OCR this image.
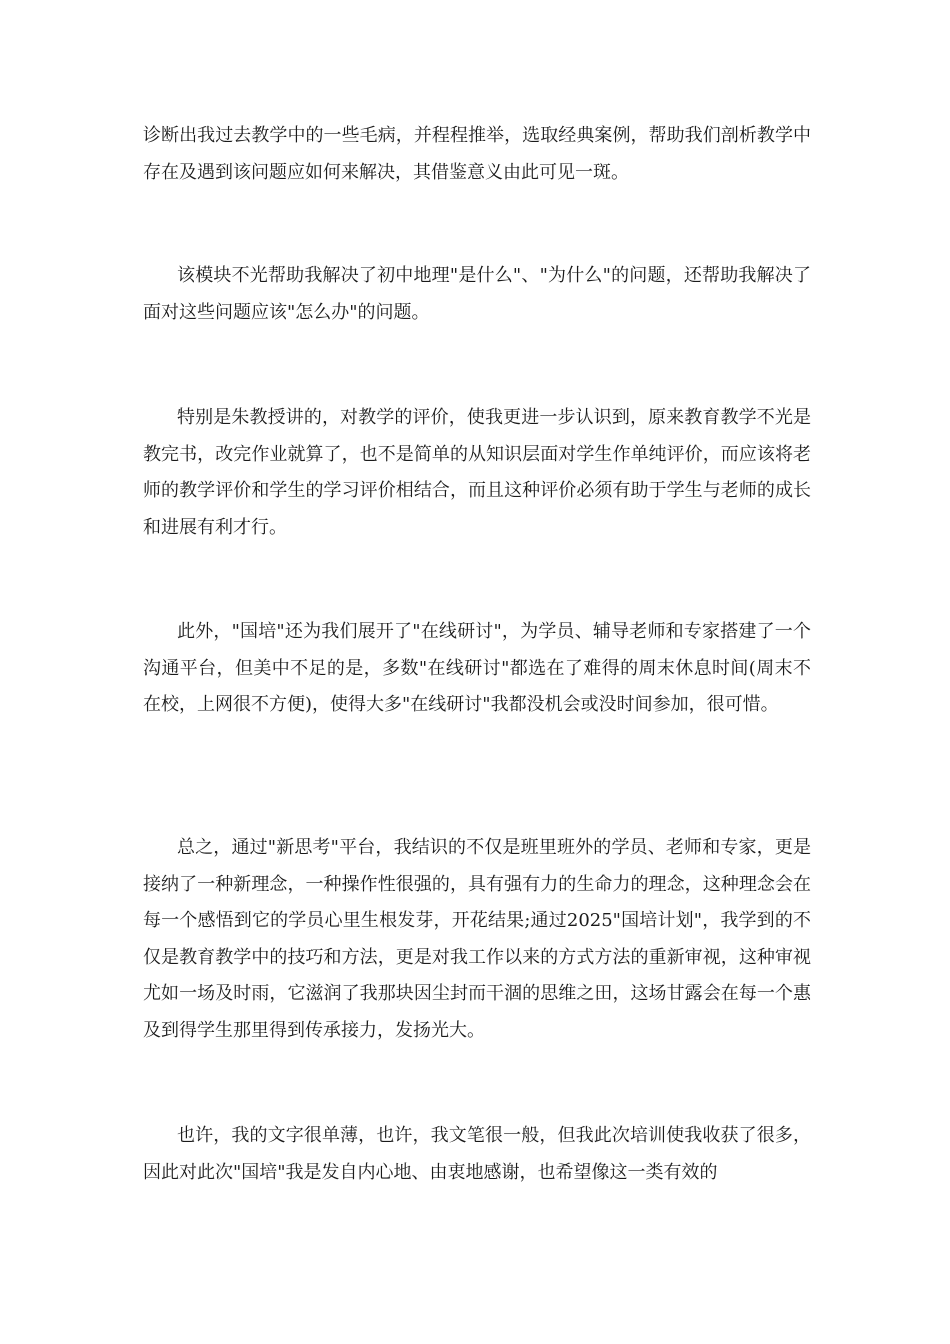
诊断出我过去教学中的一些毛病，并程程推举，选取经典案例，帮助我们剖析教学中存在及遇到该问题应如何来解决，其借鉴意义由此可见一斑。

该模块不光帮助我解决了初中地理"是什么"、"为什么"的问题，还帮助我解决了面对这些问题应该"怎么办"的问题。

特别是朱教授讲的，对教学的评价，使我更进一步认识到，原来教育教学不光是教完书，改完作业就算了，也不是简单的从知识层面对学生作单纯评价，而应该将老师的教学评价和学生的学习评价相结合，而且这种评价必须有助于学生与老师的成长和进展有利才行。

此外，"国培"还为我们展开了"在线研讨"，为学员、辅导老师和专家搭建了一个沟通平台，但美中不足的是，多数"在线研讨"都选在了难得的周末休息时间(周末不在校，上网很不方便)，使得大多"在线研讨"我都没机会或没时间参加，很可惜。

总之，通过"新思考"平台，我结识的不仅是班里班外的学员、老师和专家，更是接纳了一种新理念，一种操作性很强的，具有强有力的生命力的理念，这种理念会在每一个感悟到它的学员心里生根发芽，开花结果;通过2025"国培计划"，我学到的不仅是教育教学中的技巧和方法，更是对我工作以来的方式方法的重新审视，这种审视尤如一场及时雨，它滋润了我那块因尘封而干涸的思维之田，这场甘露会在每一个惠及到得学生那里得到传承接力，发扬光大。

也许，我的文字很单薄，也许，我文笔很一般，但我此次培训使我收获了很多，因此对此次"国培"我是发自内心地、由衷地感谢，也希望像这一类有效的
